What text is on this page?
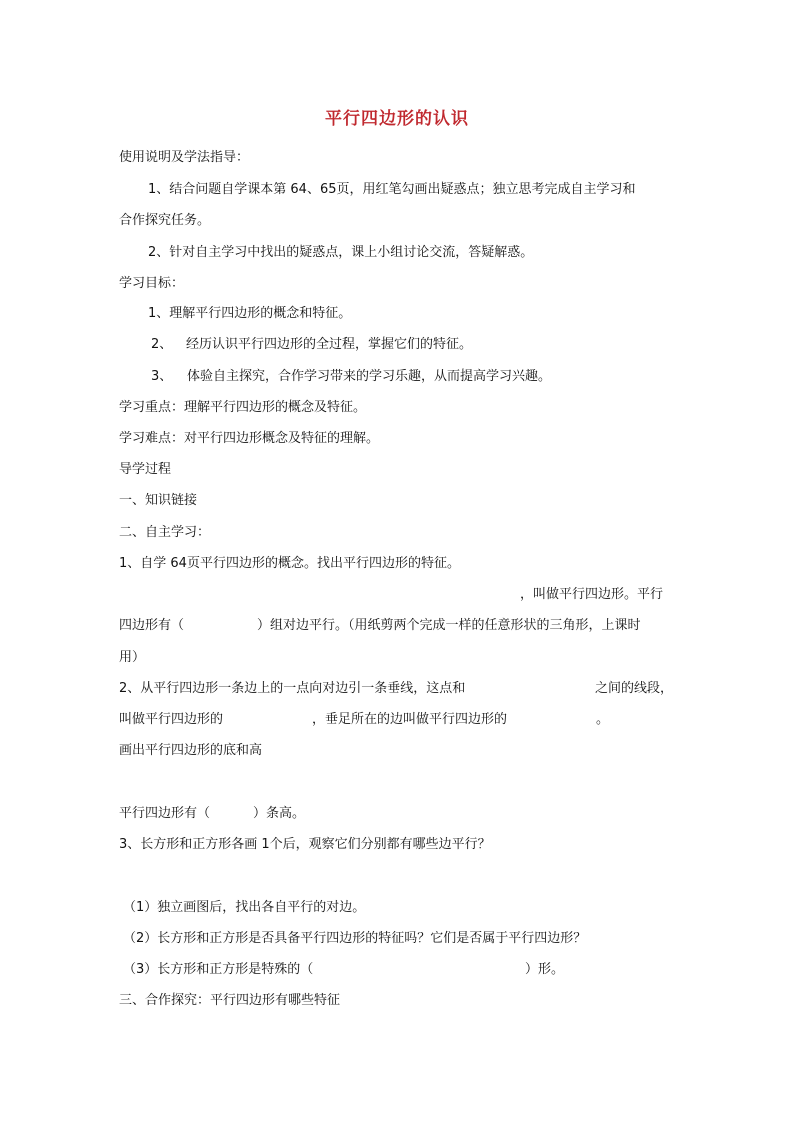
平行四边形的认识
使用说明及学法指导：
1、结合问题自学课本第 64、65页，用红笔勾画出疑惑点；独立思考完成自主学习和
合作探究任务。
2、针对自主学习中找出的疑惑点，课上小组讨论交流，答疑解惑。
学习目标：
1、理解平行四边形的概念和特征。
2、 经历认识平行四边形的全过程，掌握它们的特征。
3、 体验自主探究，合作学习带来的学习乐趣，从而提高学习兴趣。
学习重点：理解平行四边形的概念及特征。
学习难点：对平行四边形概念及特征的理解。
导学过程
一、知识链接
二、自主学习：
1、自学 64页平行四边形的概念。找出平行四边形的特征。
，叫做平行四边形。平行
四边形有（	）组对边平行。（用纸剪两个完成一样的任意形状的三角形，上课时
用）
2、从平行四边形一条边上的一点向对边引一条垂线，这点和	之间的线段，
叫做平行四边形的	，垂足所在的边叫做平行四边形的	。
画出平行四边形的底和高
平行四边形有（	）条高。
3、长方形和正方形各画 1个后，观察它们分别都有哪些边平行？
（1）独立画图后，找出各自平行的对边。
（2）长方形和正方形是否具备平行四边形的特征吗？它们是否属于平行四边形？
（3）长方形和正方形是特殊的（	）形。
三、合作探究：平行四边形有哪些特征
